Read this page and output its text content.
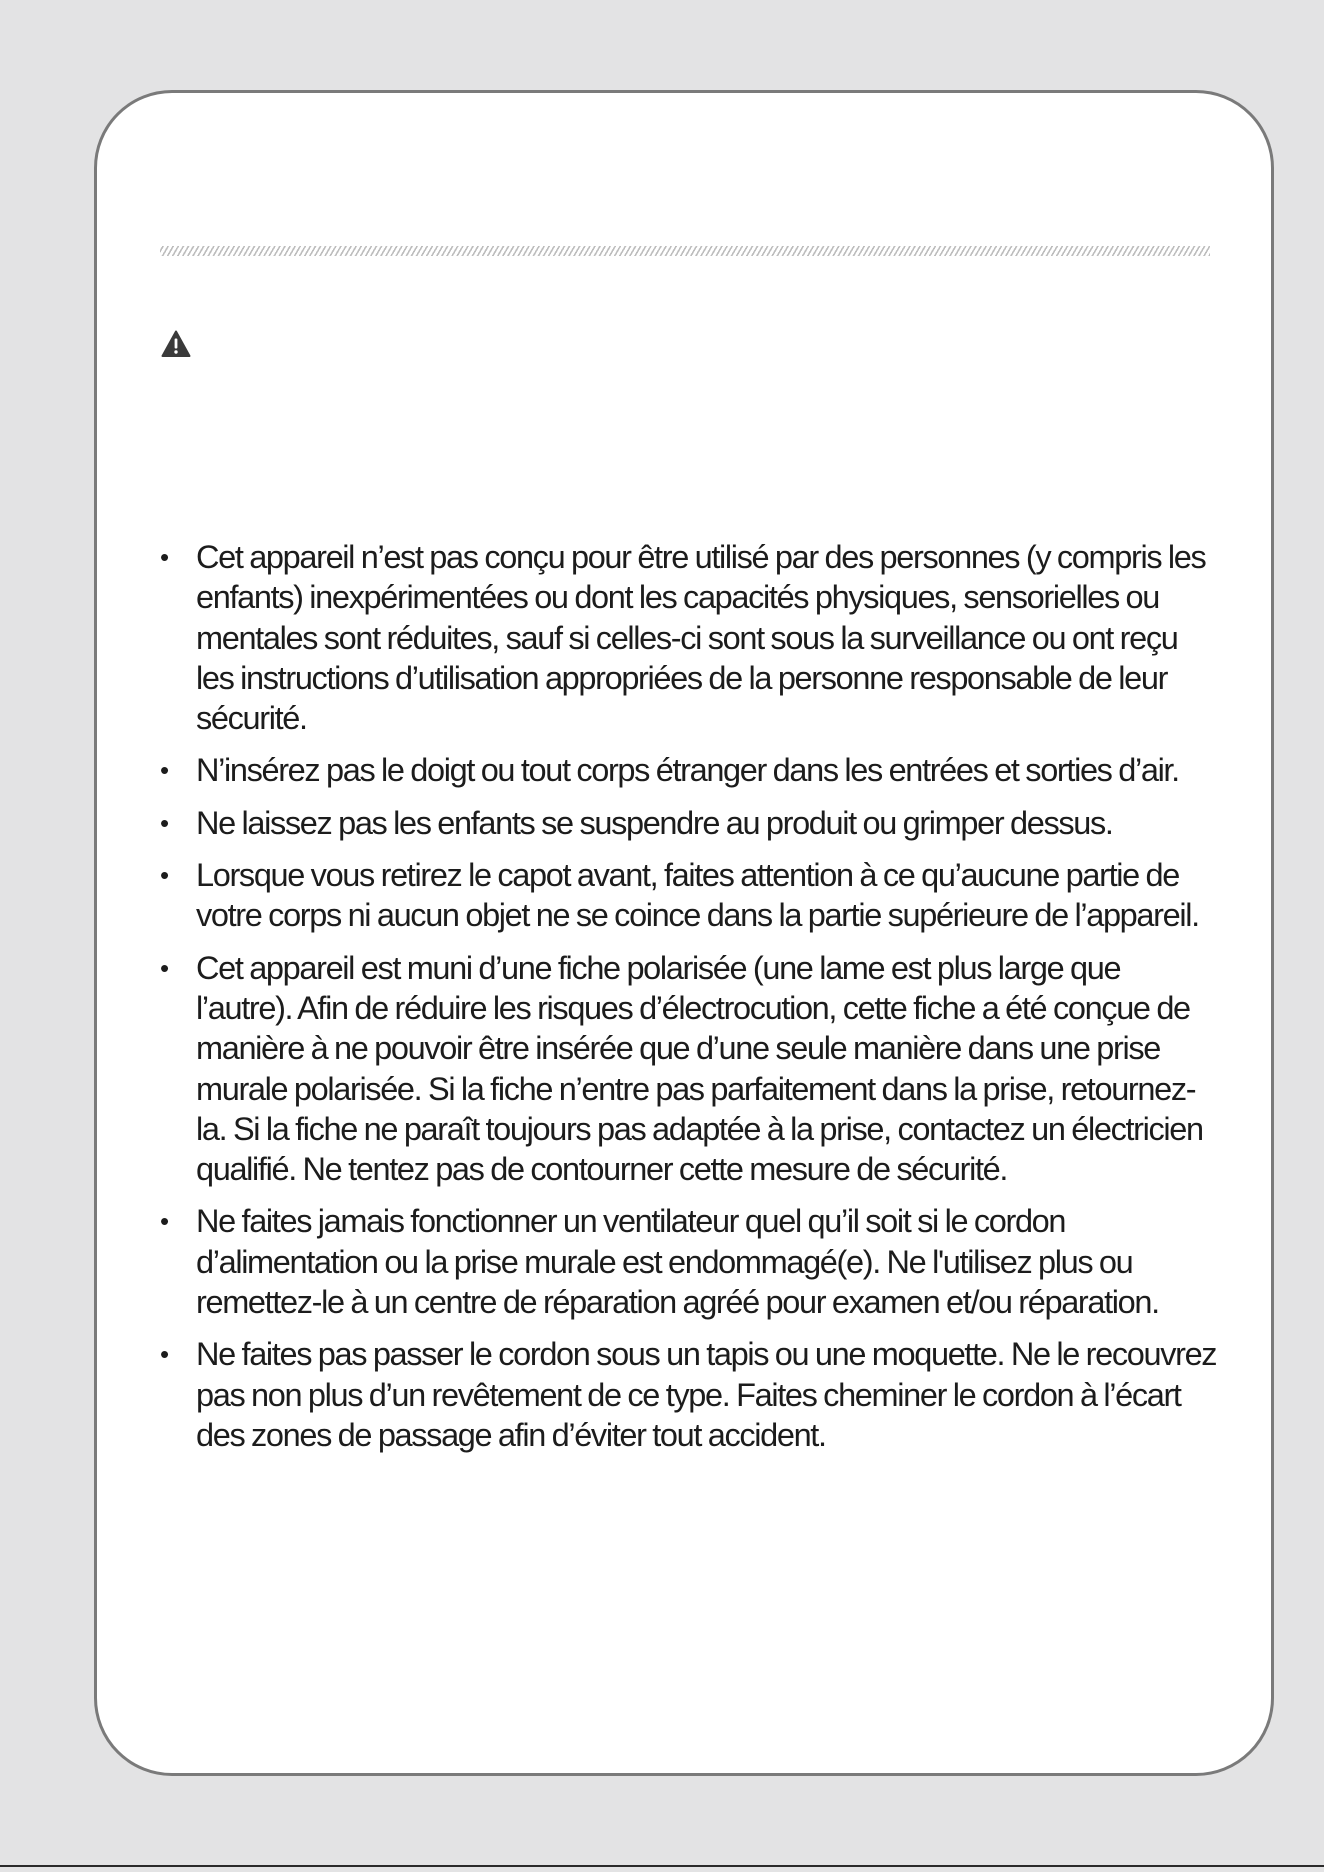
• Cet appareil n’est pas conçu pour être utilisé par des personnes (y compris les enfants) inexpérimentées ou dont les capacités physiques, sensorielles ou mentales sont réduites, sauf si celles-ci sont sous la surveillance ou ont reçu les instructions d’utilisation appropriées de la personne responsable de leur sécurité.
• N’insérez pas le doigt ou tout corps étranger dans les entrées et sorties d’air.
• Ne laissez pas les enfants se suspendre au produit ou grimper dessus.
• Lorsque vous retirez le capot avant, faites attention à ce qu’aucune partie de votre corps ni aucun objet ne se coince dans la partie supérieure de l’appareil.
• Cet appareil est muni d’une fiche polarisée (une lame est plus large que l’autre). Afin de réduire les risques d’électrocution, cette fiche a été conçue de manière à ne pouvoir être insérée que d’une seule manière dans une prise murale polarisée. Si la fiche n’entre pas parfaitement dans la prise, retournez-la. Si la fiche ne paraît toujours pas adaptée à la prise, contactez un électricien qualifié. Ne tentez pas de contourner cette mesure de sécurité.
• Ne faites jamais fonctionner un ventilateur quel qu’il soit si le cordon d’alimentation ou la prise murale est endommagé(e). Ne l'utilisez plus ou remettez-le à un centre de réparation agréé pour examen et/ou réparation.
• Ne faites pas passer le cordon sous un tapis ou une moquette. Ne le recouvrez pas non plus d’un revêtement de ce type. Faites cheminer le cordon à l’écart des zones de passage afin d’éviter tout accident.
